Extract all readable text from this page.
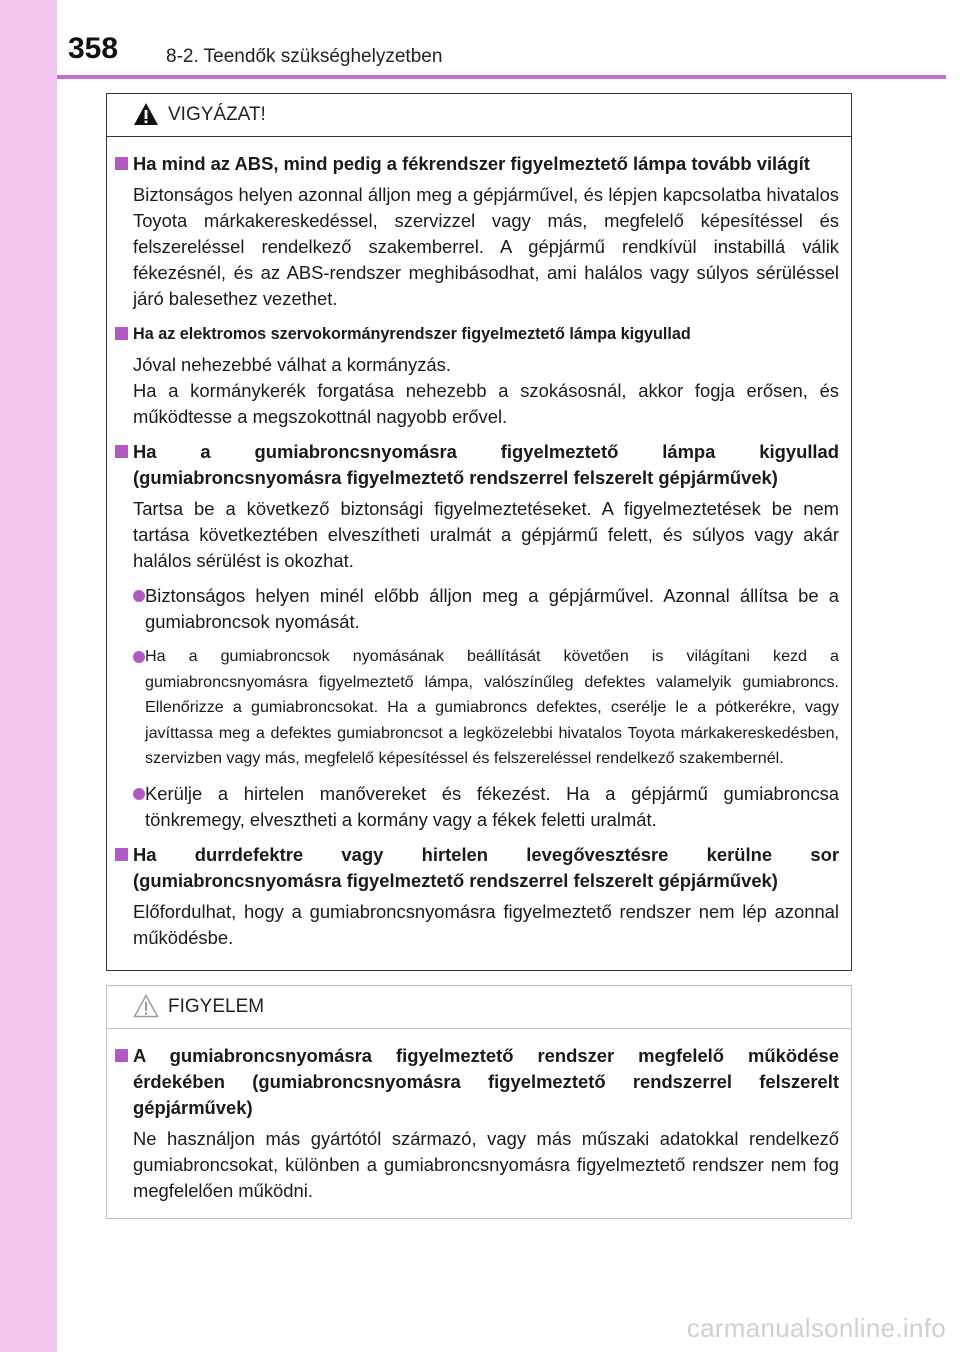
358	8-2. Teendők szükséghelyzetben
VIGYÁZAT!
Ha mind az ABS, mind pedig a fékrendszer figyelmeztető lámpa tovább világít
Biztonságos helyen azonnal álljon meg a gépjárművel, és lépjen kapcsolatba hivatalos Toyota márkakereskedéssel, szervizzel vagy más, megfelelő képesítéssel és felszereléssel rendelkező szakemberrel. A gépjármű rendkívül instabillá válik fékezésnél, és az ABS-rendszer meghibásodhat, ami halálos vagy súlyos sérüléssel járó balesethez vezethet.
Ha az elektromos szervokormányrendszer figyelmeztető lámpa kigyullad
Jóval nehezebbé válhat a kormányzás.
Ha a kormánykerék forgatása nehezebb a szokásosnál, akkor fogja erősen, és működtesse a megszokottnál nagyobb erővel.
Ha a gumiabroncsnyomásra figyelmeztető lámpa kigyullad (gumiabroncsnyomásra figyelmeztető rendszerrel felszerelt gépjárművek)
Tartsa be a következő biztonsági figyelmeztetéseket. A figyelmeztetések be nem tartása következtében elveszítheti uralmát a gépjármű felett, és súlyos vagy akár halálos sérülést is okozhat.
Biztonságos helyen minél előbb álljon meg a gépjárművel. Azonnal állítsa be a gumiabroncsok nyomását.
Ha a gumiabroncsok nyomásának beállítását követően is világítani kezd a gumiabroncsnyomásra figyelmeztető lámpa, valószínűleg defektes valamelyik gumiabroncs. Ellenőrizze a gumiabroncsokat. Ha a gumiabroncs defektes, cserélje le a pótkerékre, vagy javíttassa meg a defektes gumiabroncsot a legközelebbi hivatalos Toyota márkakereskedésben, szervizben vagy más, megfelelő képesítéssel és felszereléssel rendelkező szakembernél.
Kerülje a hirtelen manővereket és fékezést. Ha a gépjármű gumiabroncsa tönkremegy, elvesztheti a kormány vagy a fékek feletti uralmát.
Ha durrdefektre vagy hirtelen levegővesztésre kerülne sor (gumiabroncsnyomásra figyelmeztető rendszerrel felszerelt gépjárművek)
Előfordulhat, hogy a gumiabroncsnyomásra figyelmeztető rendszer nem lép azonnal működésbe.
FIGYELEM
A gumiabroncsnyomásra figyelmeztető rendszer megfelelő működése érdekében (gumiabroncsnyomásra figyelmeztető rendszerrel felszerelt gépjárművek)
Ne használjon más gyártótól származó, vagy más műszaki adatokkal rendelkező gumiabroncsokat, különben a gumiabroncsnyomásra figyelmeztető rendszer nem fog megfelelően működni.
carmanualsonline.info
